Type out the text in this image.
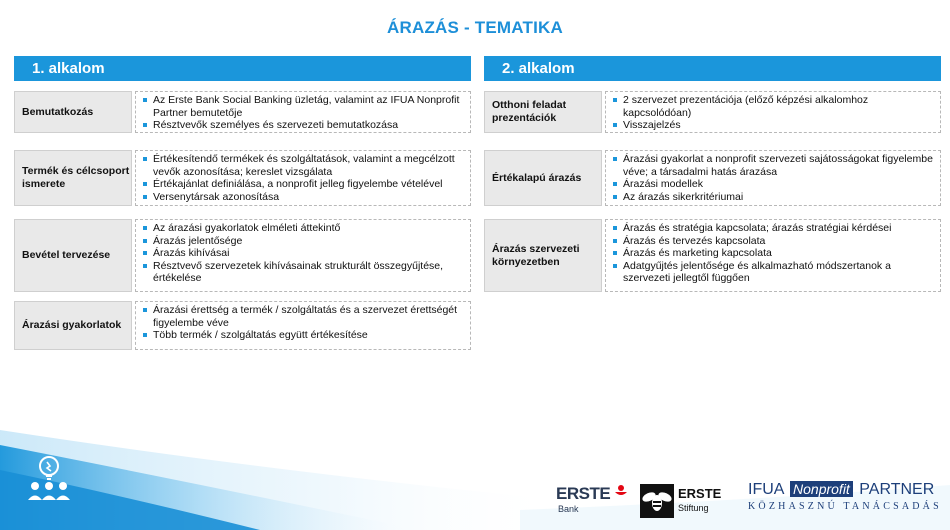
ÁRAZÁS - TEMATIKA
1. alkalom
Bemutatkozás
Az Erste Bank Social Banking üzletág, valamint az IFUA Nonprofit Partner bemutetője
Résztvevők személyes és szervezeti bemutatkozása
Termék és célcsoport ismerete
Értékesítendő termékek és szolgáltatások, valamint a megcélzott vevők azonosítása; kereslet vizsgálata
Értékajánlat definiálása, a nonprofit jelleg figyelembe vételével
Versenytársak azonosítása
Bevétel tervezése
Az árazási gyakorlatok elméleti áttekintő
Árazás jelentősége
Árazás kihívásai
Résztvevő szervezetek kihívásainak strukturált összegyűjtése, értékelése
Árazási gyakorlatok
Árazási érettség a termék / szolgáltatás és a szervezet érettségét figyelembe véve
Több termék / szolgáltatás együtt értékesítése
2. alkalom
Otthoni feladat prezentációk
2 szervezet prezentációja (előző képzési alkalomhoz kapcsolódóan)
Visszajelzés
Értékalapú árazás
Árazási gyakorlat a nonprofit szervezeti sajátosságokat figyelembe véve; a társadalmi hatás árazása
Árazási modellek
Az árazás sikerkritériumai
Árazás szervezeti környezetben
Árazás és stratégia kapcsolata; árazás stratégiai kérdései
Árazás és tervezés kapcsolata
Árazás és marketing kapcsolata
Adatgyűjtés jelentősége és alkalmazható módszertanok a szervezeti jellegtől függően
ERSTE
Bank
ERSTE
Stiftung
IFUA Nonprofit PARTNER
KÖZHASZNÚ TANÁCSADÁS
